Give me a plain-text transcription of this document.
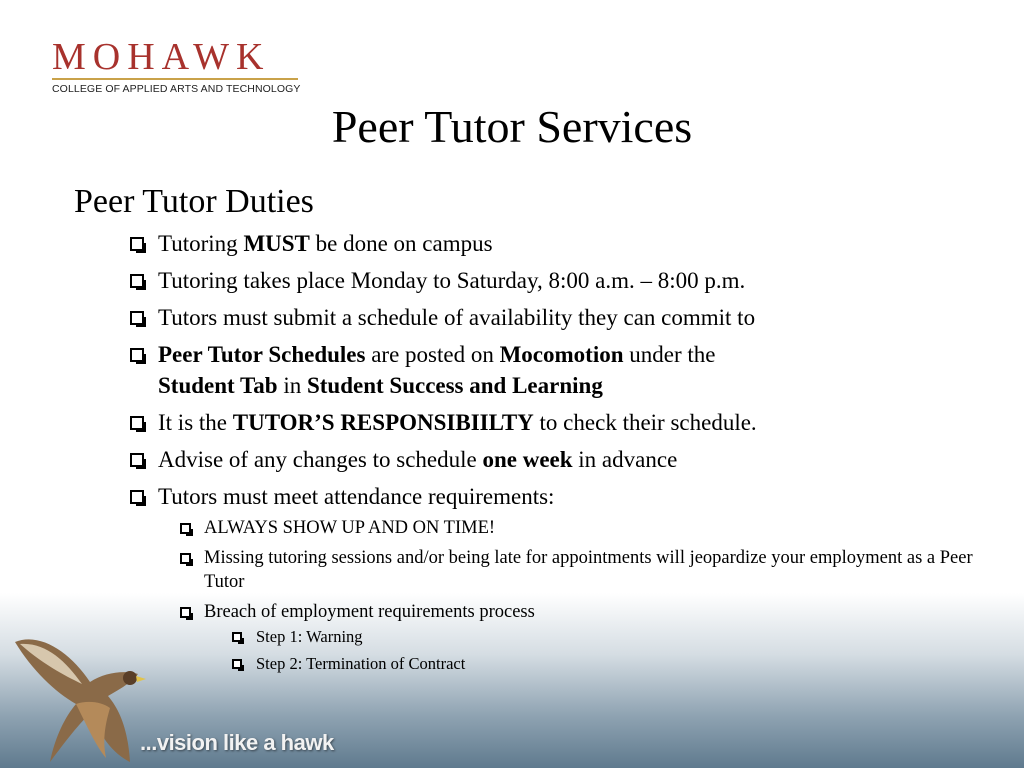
MOHAWK
COLLEGE OF APPLIED ARTS AND TECHNOLOGY
Peer Tutor Services
Peer Tutor Duties
Tutoring MUST be done on campus
Tutoring takes place Monday to Saturday, 8:00 a.m. – 8:00 p.m.
Tutors must submit a schedule of availability they can commit to
Peer Tutor Schedules are posted on Mocomotion under the
Student Tab in Student Success and Learning
It is the TUTOR’S RESPONSIBIILTY to check their schedule.
Advise of any changes to schedule one week in advance
Tutors must meet attendance requirements:
ALWAYS SHOW UP AND ON TIME!
Missing tutoring sessions and/or being late for appointments will jeopardize your employment as a Peer Tutor
Breach of employment requirements process
Step 1: Warning
Step 2: Termination of Contract
...vision like a hawk
